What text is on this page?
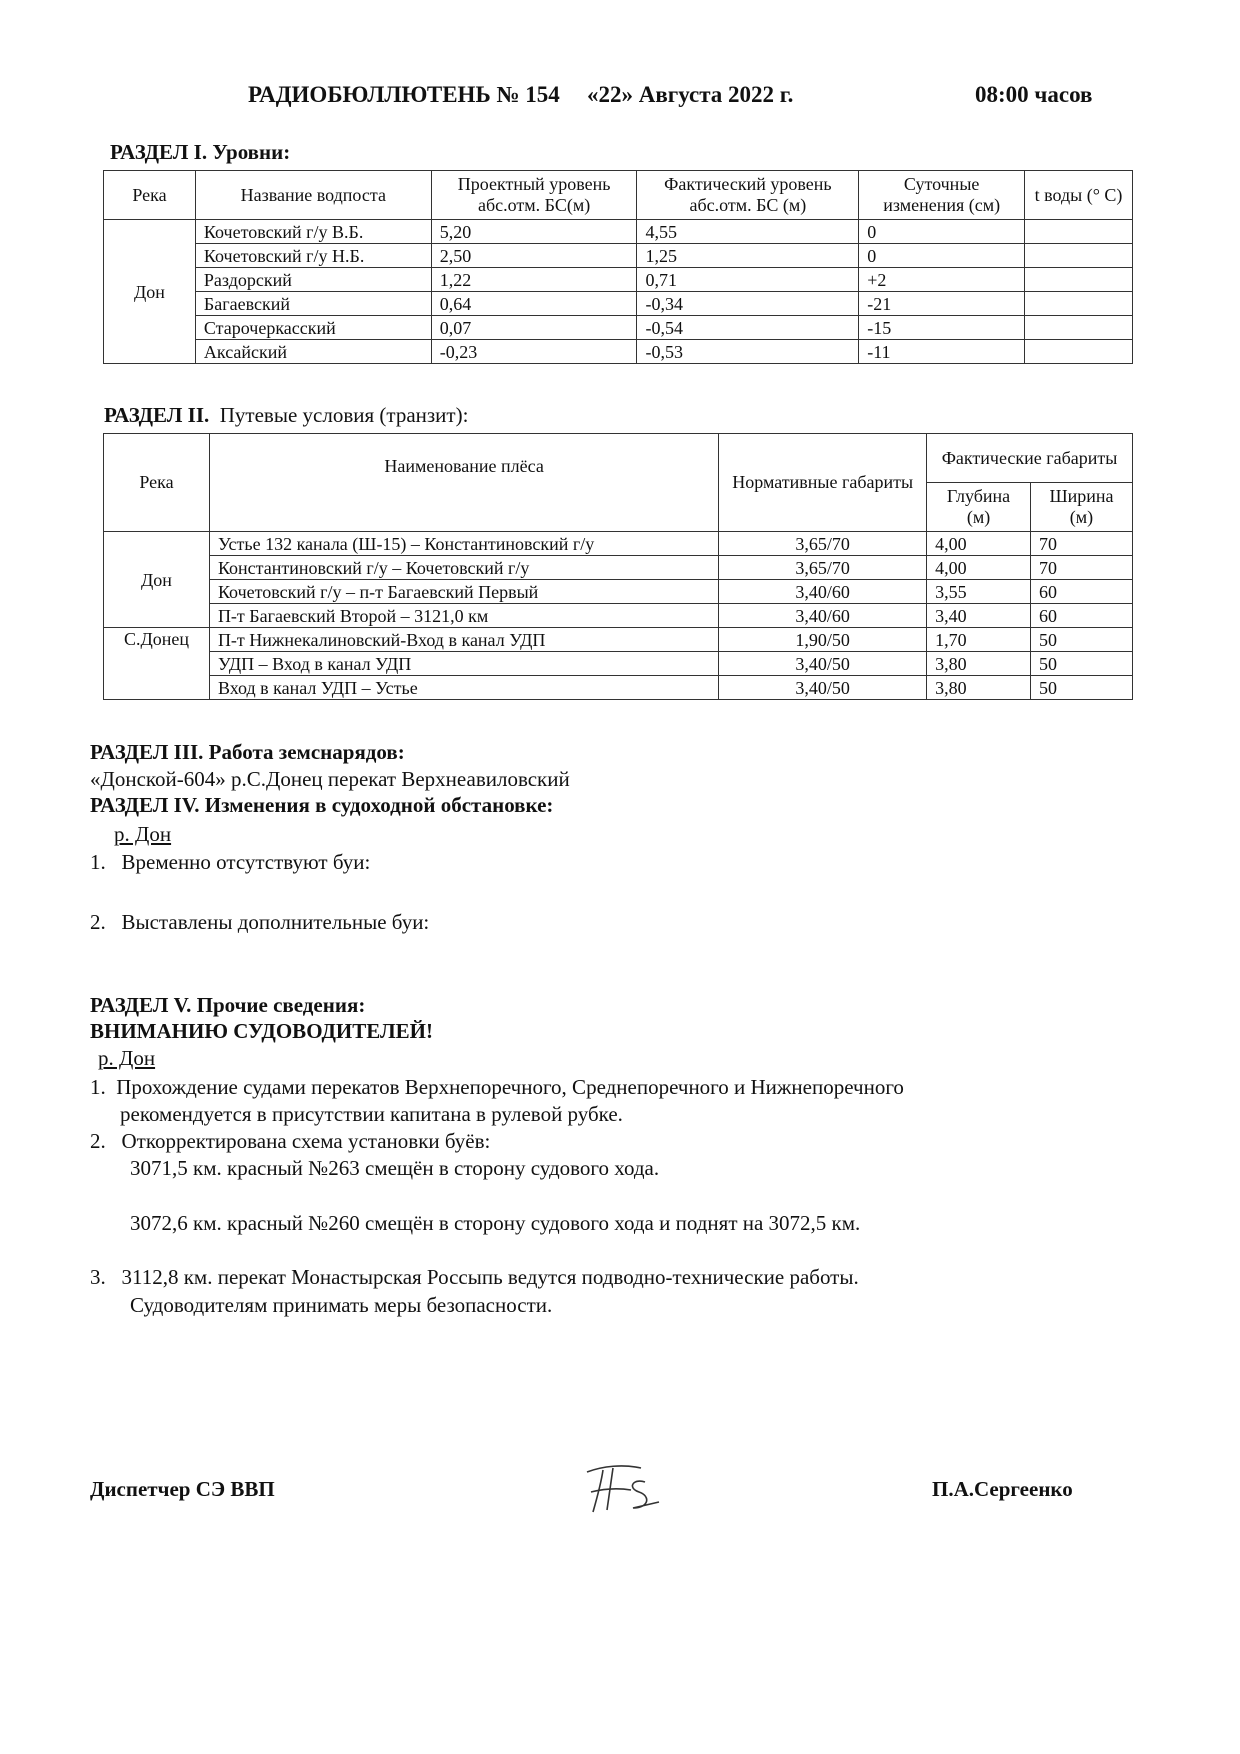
РАДИОБЮЛЛЮТЕНЬ № 154 «22» Августа 2022 г.	08:00 часов
РАЗДЕЛ I. Уровни:
Река	Название водпоста	Проектный уровень абс.отм. БС(м)	Фактический уровень абс.отм. БС (м)	Суточные изменения (см)	t воды (° С)
Дон	Кочетовский г/у В.Б.	5,20	4,55	0	
	Кочетовский г/у Н.Б.	2,50	1,25	0	
	Раздорский	1,22	0,71	+2	
	Багаевский	0,64	-0,34	-21	
	Старочеркасский	0,07	-0,54	-15	
	Аксайский	-0,23	-0,53	-11	
РАЗДЕЛ II. Путевые условия (транзит):
Река	Наименование плёса	Нормативные габариты	Фактические габариты	
			Глубина (м)	Ширина (м)
Дон	Устье 132 канала (Ш-15) – Константиновский г/у	3,65/70	4,00	70
	Константиновский г/у – Кочетовский г/у	3,65/70	4,00	70
	Кочетовский г/у – п-т Багаевский Первый	3,40/60	3,55	60
	П-т Багаевский Второй – 3121,0 км	3,40/60	3,40	60
С.Донец	П-т Нижнекалиновский-Вход в канал УДП	1,90/50	1,70	50
	УДП – Вход в канал УДП	3,40/50	3,80	50
	Вход в канал УДП – Устье	3,40/50	3,80	50
РАЗДЕЛ III. Работа земснарядов:
«Донской-604» р.С.Донец перекат Верхнеавиловский
РАЗДЕЛ IV. Изменения в судоходной обстановке:
р. Дон
1.   Временно отсутствуют буи:
2.   Выставлены дополнительные буи:
РАЗДЕЛ V. Прочие сведения:
ВНИМАНИЮ СУДОВОДИТЕЛЕЙ!
р. Дон
1.  Прохождение судами перекатов Верхнепоречного, Среднепоречного и Нижнепоречного
рекомендуется в присутствии капитана в рулевой рубке.
2.   Откорректирована схема установки буёв:
3071,5 км. красный №263 смещён в сторону судового хода.
3072,6 км. красный №260 смещён в сторону судового хода и поднят на 3072,5 км.
3.   3112,8 км. перекат Монастырская Россыпь ведутся подводно-технические работы.
Судоводителям принимать меры безопасности.
Диспетчер СЭ ВВП	П.А.Сергеенко
